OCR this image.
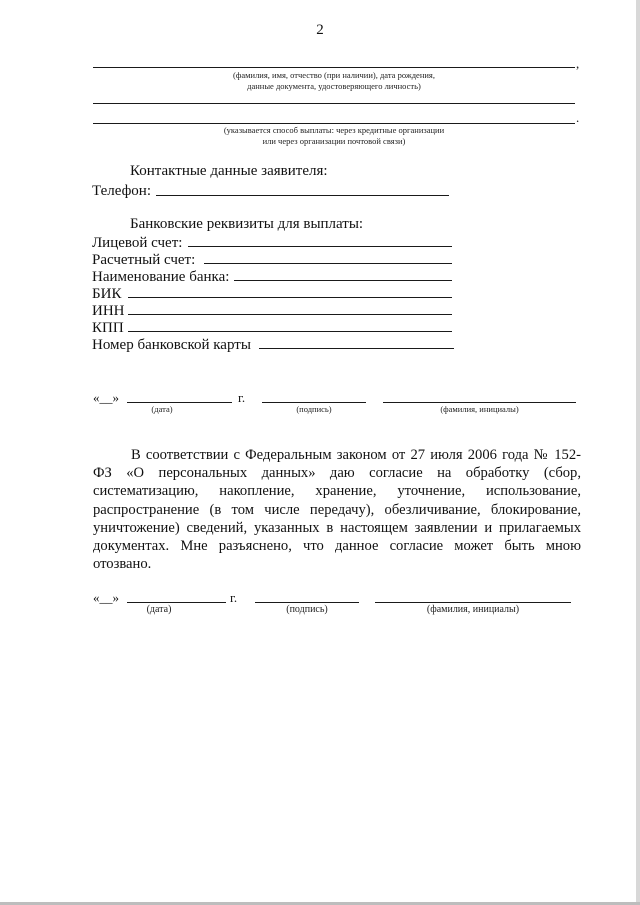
2
,
(фамилия, имя, отчество (при наличии), дата рождения,
данные документа, удостоверяющего личность)
.
(указывается способ выплаты: через кредитные организации
или через организации почтовой связи)
Контактные данные заявителя:
Телефон:
Банковские реквизиты для выплаты:
Лицевой счет:
Расчетный счет:
Наименование банка:
БИК
ИНН
КПП
Номер банковской карты
«__»	г.
(дата)	(подпись)	(фамилия, инициалы)
В соответствии с Федеральным законом от 27 июля 2006 года № 152-ФЗ «О персональных данных» даю согласие на обработку (сбор, систематизацию, накопление, хранение, уточнение, использование, распространение (в том числе передачу), обезличивание, блокирование, уничтожение) сведений, указанных в настоящем заявлении и прилагаемых документах. Мне разъяснено, что данное согласие может быть мною отозвано.
«__»	г.
(дата)	(подпись)	(фамилия, инициалы)
